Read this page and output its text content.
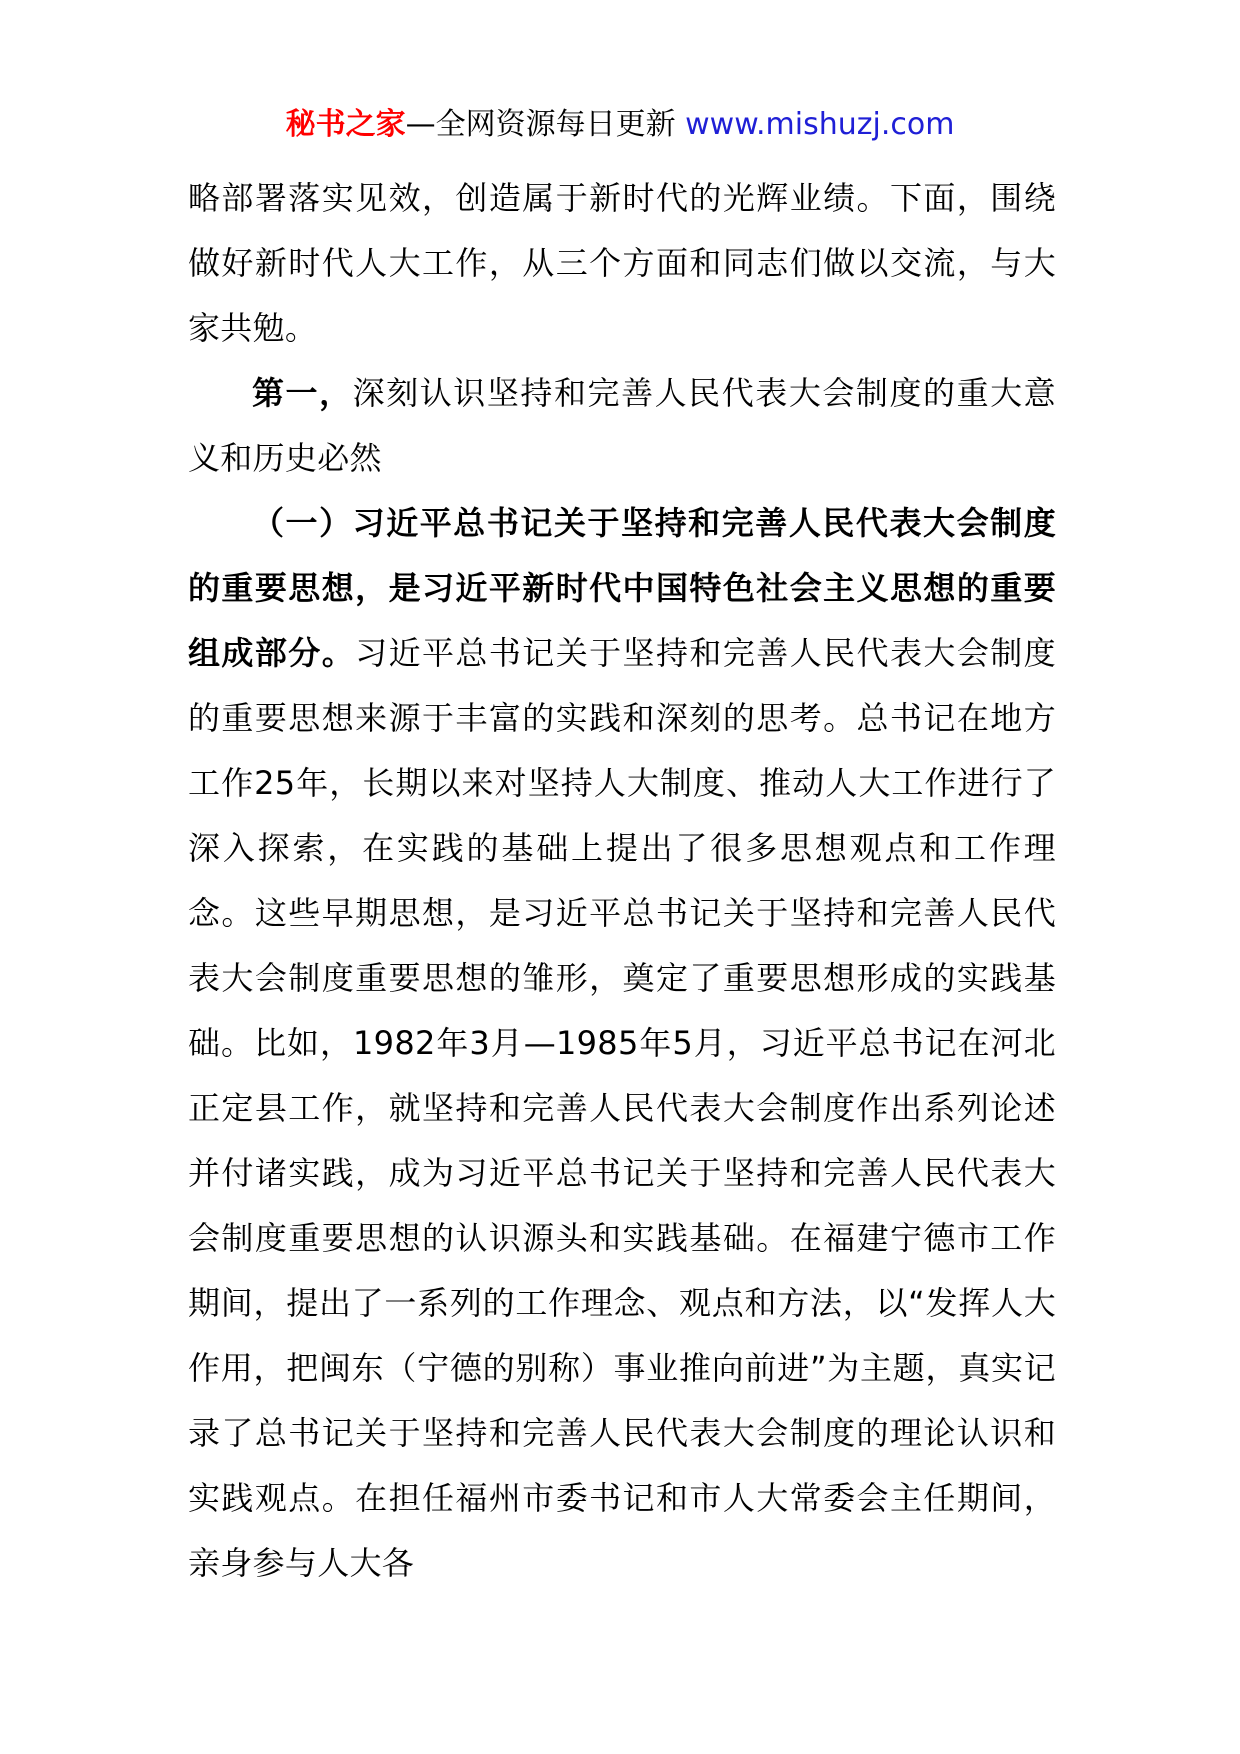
秘书之家—全网资源每日更新 www.mishuzj.com

略部署落实见效，创造属于新时代的光辉业绩。下面，围绕做好新时代人大工作，从三个方面和同志们做以交流，与大家共勉。

第一，深刻认识坚持和完善人民代表大会制度的重大意义和历史必然

（一）习近平总书记关于坚持和完善人民代表大会制度的重要思想，是习近平新时代中国特色社会主义思想的重要组成部分。习近平总书记关于坚持和完善人民代表大会制度的重要思想来源于丰富的实践和深刻的思考。总书记在地方工作25年，长期以来对坚持人大制度、推动人大工作进行了深入探索，在实践的基础上提出了很多思想观点和工作理念。这些早期思想，是习近平总书记关于坚持和完善人民代表大会制度重要思想的雏形，奠定了重要思想形成的实践基础。比如，1982年3月—1985年5月，习近平总书记在河北正定县工作，就坚持和完善人民代表大会制度作出系列论述并付诸实践，成为习近平总书记关于坚持和完善人民代表大会制度重要思想的认识源头和实践基础。在福建宁德市工作期间，提出了一系列的工作理念、观点和方法，以“发挥人大作用，把闽东（宁德的别称）事业推向前进”为主题，真实记录了总书记关于坚持和完善人民代表大会制度的理论认识和实践观点。在担任福州市委书记和市人大常委会主任期间，亲身参与人大各
